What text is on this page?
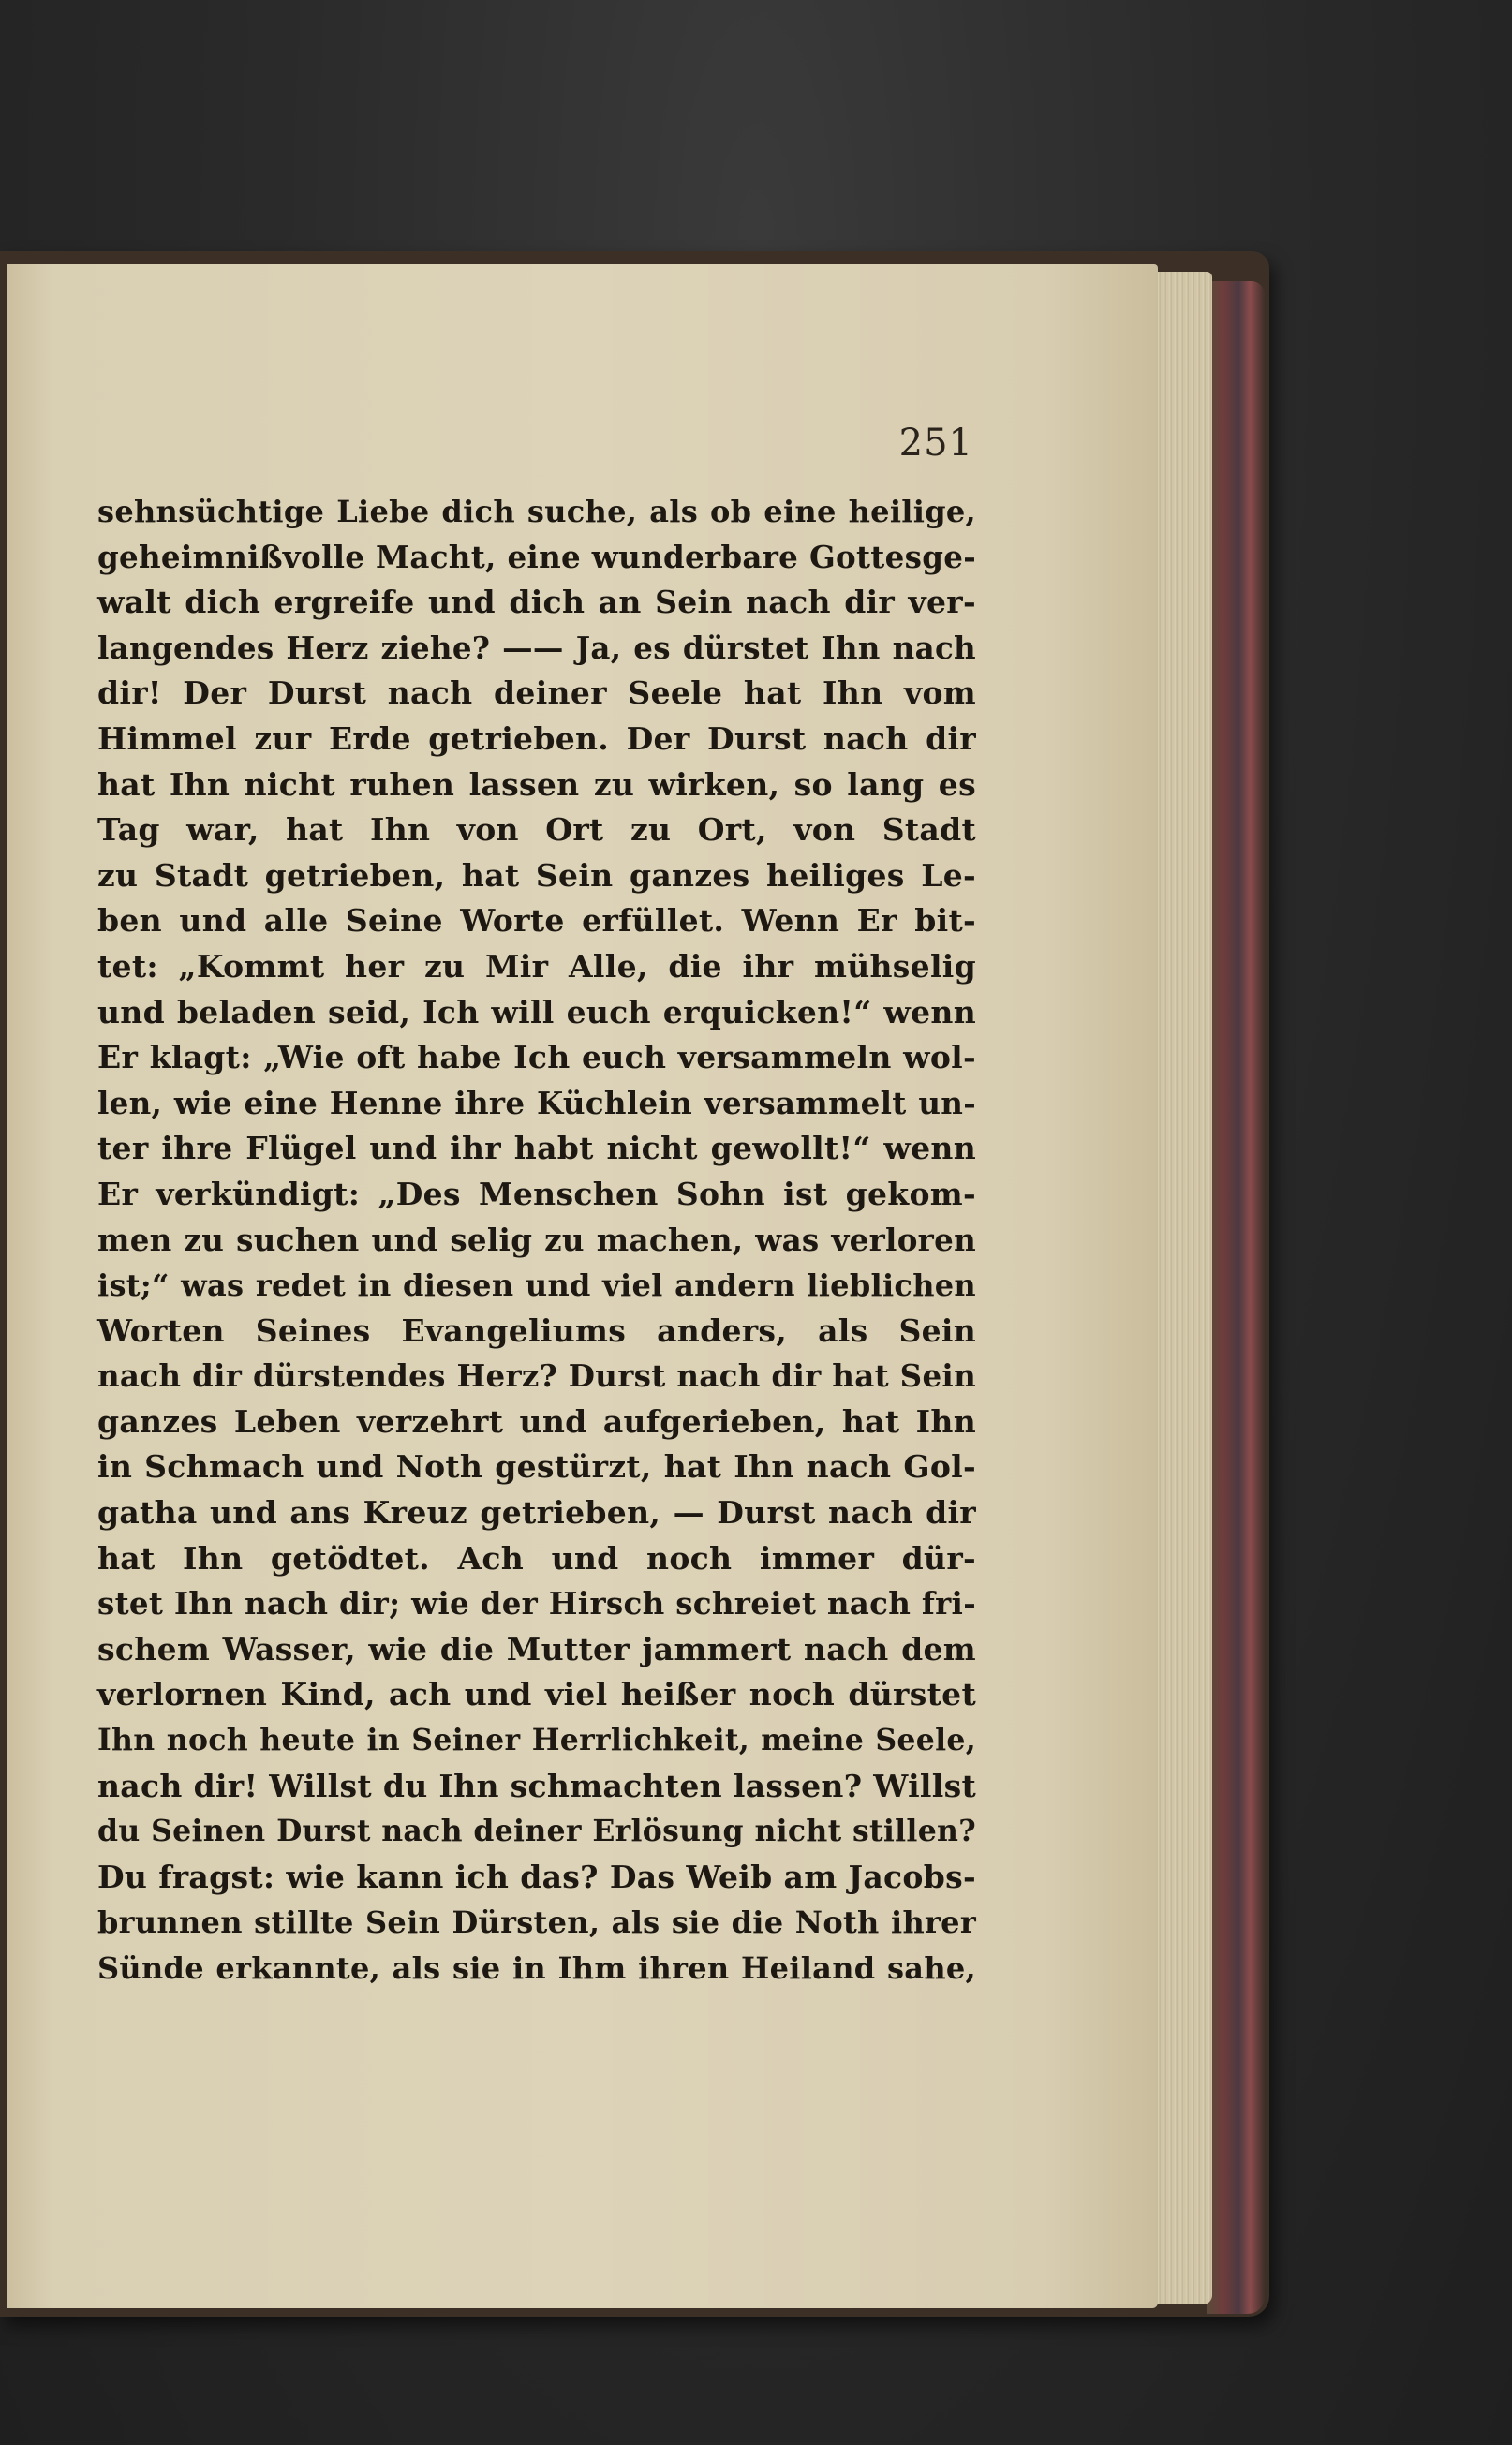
251
sehnsüchtige Liebe dich suche, als ob eine heilige,
geheimnißvolle Macht, eine wunderbare Gottesge-
walt dich ergreife und dich an Sein nach dir ver-
langendes Herz ziehe? —— Ja, es dürstet Ihn nach
dir! Der Durst nach deiner Seele hat Ihn vom
Himmel zur Erde getrieben. Der Durst nach dir
hat Ihn nicht ruhen lassen zu wirken, so lang es
Tag war, hat Ihn von Ort zu Ort, von Stadt
zu Stadt getrieben, hat Sein ganzes heiliges Le-
ben und alle Seine Worte erfüllet. Wenn Er bit-
tet: „Kommt her zu Mir Alle, die ihr mühselig
und beladen seid, Ich will euch erquicken!“ wenn
Er klagt: „Wie oft habe Ich euch versammeln wol-
len, wie eine Henne ihre Küchlein versammelt un-
ter ihre Flügel und ihr habt nicht gewollt!“ wenn
Er verkündigt: „Des Menschen Sohn ist gekom-
men zu suchen und selig zu machen, was verloren
ist;“ was redet in diesen und viel andern lieblichen
Worten Seines Evangeliums anders, als Sein
nach dir dürstendes Herz? Durst nach dir hat Sein
ganzes Leben verzehrt und aufgerieben, hat Ihn
in Schmach und Noth gestürzt, hat Ihn nach Gol-
gatha und ans Kreuz getrieben, — Durst nach dir
hat Ihn getödtet. Ach und noch immer dür-
stet Ihn nach dir; wie der Hirsch schreiet nach fri-
schem Wasser, wie die Mutter jammert nach dem
verlornen Kind, ach und viel heißer noch dürstet
Ihn noch heute in Seiner Herrlichkeit, meine Seele,
nach dir! Willst du Ihn schmachten lassen? Willst
du Seinen Durst nach deiner Erlösung nicht stillen?
Du fragst: wie kann ich das? Das Weib am Jacobs-
brunnen stillte Sein Dürsten, als sie die Noth ihrer
Sünde erkannte, als sie in Ihm ihren Heiland sahe,
